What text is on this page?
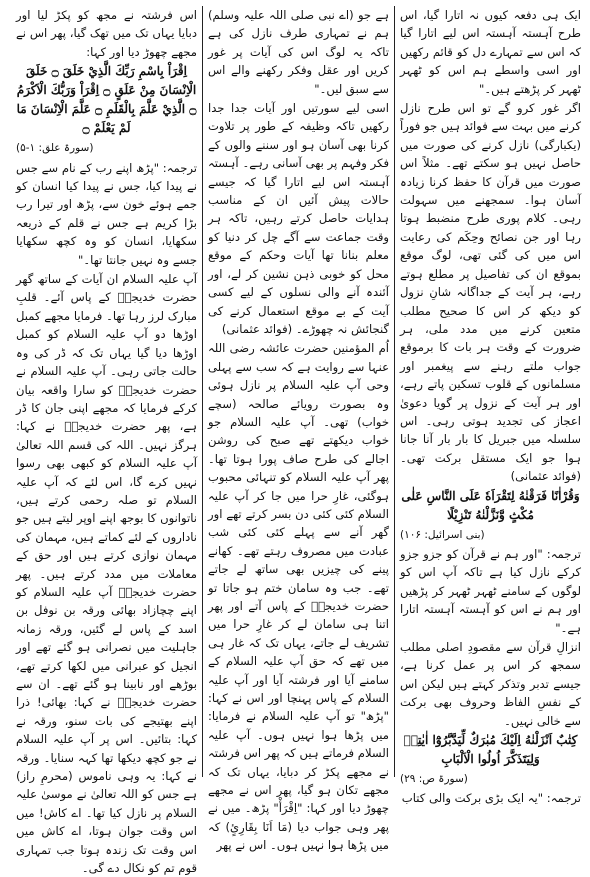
ایک ہی دفعہ کیوں نہ اتارا گیا، اس طرح آہستہ آہستہ اس لیے اتارا گیا کہ اس سے تمہارے دل کو قائم رکھیں اور اسی واسطے ہم اس کو ٹھہر ٹھہر کر پڑھتے ہیں۔"

اگر غور کرو گے تو اس طرح نازل کرنے میں بہت سے فوائد ہیں جو فوراً (یکبارگی) نازل کرنے کی صورت میں حاصل نہیں ہو سکتے تھے۔ مثلاً اس صورت میں قرآن کا حفظ کرنا زیادہ آسان ہوا۔ سمجھنے میں سہولت رہی۔ کلام پوری طرح منضبط ہوتا رہا اور جن نصائح وحِکَم کی رعایت اس میں کی گئی تھی، لوگ موقع بموقع ان کی تفاصیل پر مطلع ہوتے رہے، ہر آیت کے جداگانہ شانِ نزول کو دیکھ کر اس کا صحیح مطلب متعین کرنے میں مدد ملی، ہر ضرورت کے وقت ہر بات کا برموقع جواب ملتے رہنے سے پیغمبر اور مسلمانوں کے قلوب تسکین پاتے رہے، اور ہر آیت کے نزول پر گویا دعویٰ اعجاز کی تجدید ہوتی رہی۔ اس سلسلہ میں جبریل کا بار بار آنا جانا ہوا جو ایک مستقل برکت تھی۔ (فوائد عثمانی)

وَقُرْاٰنًا فَرَقْنٰهُ لِتَقْرَاَهٗ عَلَى النَّاسِ عَلٰى مُكْثٍ وَّنَزَّلْنٰهُ تَنْزِيْلًا

(بنی اسرائیل: ۱۰۶)

ترجمہ: "اور ہم نے قرآن کو جزو جزو کرکے نازل کیا ہے تاکہ آپ اس کو لوگوں کے سامنے ٹھہر ٹھہر کر پڑھیں اور ہم نے اس کو آہستہ آہستہ اتارا ہے۔"

انزالِ قرآن سے مقصودِ اصلی مطلب سمجھ کر اس پر عمل کرنا ہے، جیسے تدبر وتذکر کہتے ہیں لیکن اس کے نفسِ الفاظ وحروف بھی برکت سے خالی نہیں۔

كِتٰبٌ اَنْزَلْنٰهُ اِلَيْكَ مُبٰرَكٌ لِّيَدَّبَّرُوْٓا اٰيٰتِهٖ وَلِيَتَذَكَّرَ اُولُوا الْاَلْبَابِ

(سورۃ ص: ۲۹)

ترجمہ: "یہ ایک بڑی برکت والی کتاب

ہے جو (اے نبی صلی اللہ علیہ وسلم) ہم نے تمہاری طرف نازل کی ہے تاکہ یہ لوگ اس کی آیات پر غور کریں اور عقل وفکر رکھنے والے اس سے سبق لیں۔"

اسی لیے سورتیں اور آیات جدا جدا رکھیں تاکہ وظیفہ کے طور پر تلاوت کرنا بھی آسان ہو اور سننے والوں کے فکر وفہم پر بھی آسانی رہے۔ آہستہ آہستہ اس لیے اتارا گیا کہ جیسے حالات پیش آئیں ان کے مناسب ہدایات حاصل کرتے رہیں، تاکہ ہر وقت جماعت سے آگے چل کر دنیا کو معلم بنانا تھا آیات وحکم کے موقع محل کو خوبی ذہن نشین کر لے، اور آئندہ آنے والی نسلوں کے لیے کسی آیت کے بے موقع استعمال کرنے کی گنجائش نہ چھوڑے۔ (فوائد عثمانی)

اُم المؤمنین حضرت عائشہ رضی اللہ عنہا سے روایت ہے کہ سب سے پہلی وحی آپ علیہ السلام پر نازل ہوئی وہ بصورت رویائے صالحہ (سچے خواب) تھی۔ آپ علیہ السلام جو خواب دیکھتے تھے صبح کی روشن اجالے کی طرح صاف پورا ہوتا تھا۔ پھر آپ علیہ السلام کو تنہائی محبوب ہوگئی، غارِ حرا میں جا کر آپ علیہ السلام کئی کئی دن بسر کرتے تھے اور گھر آنے سے پہلے کئی کئی شب عبادت میں مصروف رہتے تھے۔ کھانے پینے کی چیزیں بھی ساتھ لے جاتے تھے۔ جب وہ سامان ختم ہو جاتا تو حضرت خدیجہؓ کے پاس آتے اور پھر اتنا ہی سامان لے کر غارِ حرا میں تشریف لے جاتے، یہاں تک کہ غار ہی میں تھے کہ حق آپ علیہ السلام کے سامنے آیا اور فرشتہ آیا اور آپ علیہ السلام کے پاس پہنچا اور اس نے کہا: "پڑھ" تو آپ علیہ السلام نے فرمایا: میں پڑھا ہوا نہیں ہوں۔ آپ علیہ السلام فرماتے ہیں کہ پھر اس فرشتہ نے مجھے پکڑ کر دبایا، یہاں تک کہ مجھے تکان ہو گیا، پھر اس نے مجھے چھوڑ دیا اور کہا: "اِقْرَأْ" پڑھ۔ میں نے پھر وہی جواب دیا (مَا اَنَا بِقَارِئٍ) کہ میں پڑھا ہوا نہیں ہوں۔ اس نے پھر

اس فرشتہ نے مجھ کو پکڑ لیا اور دبایا یہاں تک میں تھک گیا، پھر اس نے مجھے چھوڑ دیا اور کہا:

اِقْرَاْ بِاسْمِ رَبِّكَ الَّذِيْ خَلَقَ ۝ خَلَقَ الْاِنْسَانَ مِنْ عَلَقٍ ۝ اِقْرَاْ وَرَبُّكَ الْاَكْرَمُ ۝ الَّذِيْ عَلَّمَ بِالْقَلَمِ ۝ عَلَّمَ الْاِنْسَانَ مَا لَمْ يَعْلَمْ ۝

(سورۃ علق: ۱-۵)

ترجمہ: "پڑھ اپنے رب کے نام سے جس نے پیدا کیا، جس نے پیدا کیا انسان کو جمے ہوئے خون سے، پڑھ اور تیرا رب بڑا کریم ہے جس نے قلم کے ذریعہ سکھایا، انسان کو وہ کچھ سکھایا جسے وہ نہیں جانتا تھا۔"

آپ علیہ السلام ان آیات کے ساتھ گھر حضرت خدیجہؓ کے پاس آئے۔ قلبِ مبارک لرز رہا تھا۔ فرمایا مجھے کمبل اوڑھا دو آپ علیہ السلام کو کمبل اوڑھا دیا گیا یہاں تک کہ ڈر کی وہ حالت جاتی رہی۔ آپ علیہ السلام نے حضرت خدیجہؓ کو سارا واقعہ بیان کرکے فرمایا کہ مجھے اپنی جان کا ڈر ہے، پھر حضرت خدیجہؓ نے کہا: ہرگز نہیں۔ اللہ کی قسم اللہ تعالیٰ آپ علیہ السلام کو کبھی بھی رسوا نہیں کرے گا، اس لئے کہ آپ علیہ السلام تو صلہ رحمی کرتے ہیں، ناتوانوں کا بوجھ اپنے اوپر لیتے ہیں جو ناداروں کے لئے کماتے ہیں، مہمان کی مہمان نوازی کرتے ہیں اور حق کے معاملات میں مدد کرتے ہیں۔ پھر حضرت خدیجہؓ آپ علیہ السلام کو اپنے چچازاد بھائی ورقہ بن نوفل بن اسد کے پاس لے گئیں، ورقہ زمانہ جاہلیت میں نصرانی ہو گئے تھے اور انجیل کو عبرانی میں لکھا کرتے تھے، بوڑھے اور نابینا ہو گئے تھے۔ ان سے حضرت خدیجہؓ نے کہا: بھائی! ذرا اپنے بھتیجے کی بات سنو، ورقہ نے کہا: بتائیں۔ اس پر آپ علیہ السلام نے جو کچھ دیکھا تھا کہہ سنایا۔ ورقہ نے کہا: یہ وہی ناموس (محرمِ راز) ہے جس کو اللہ تعالیٰ نے موسیٰ علیہ السلام پر نازل کیا تھا۔ اے کاش! میں اس وقت جوان ہوتا، اے کاش میں اس وقت تک زندہ ہوتا جب تمہاری قوم تم کو نکال دے گی۔
